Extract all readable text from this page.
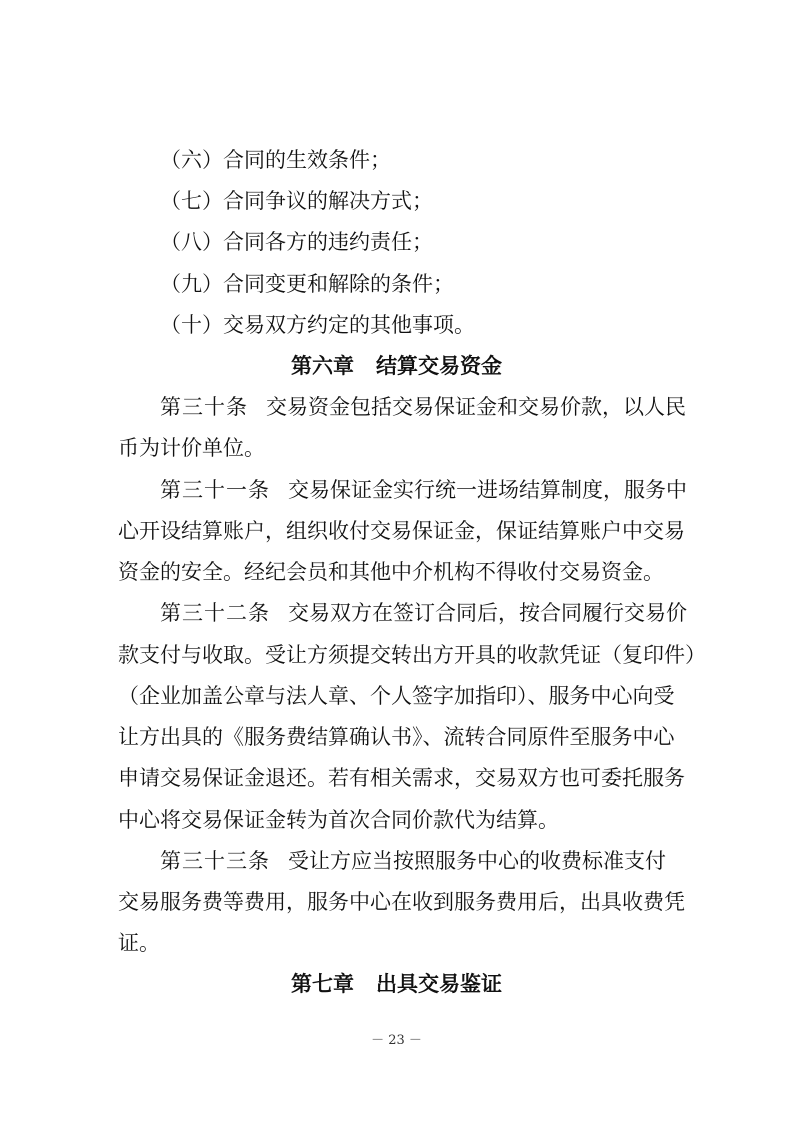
（六）合同的生效条件；
（七）合同争议的解决方式；
（八）合同各方的违约责任；
（九）合同变更和解除的条件；
（十）交易双方约定的其他事项。
第六章 结算交易资金
第三十条 交易资金包括交易保证金和交易价款，以人民
币为计价单位。
第三十一条 交易保证金实行统一进场结算制度，服务中
心开设结算账户，组织收付交易保证金，保证结算账户中交易
资金的安全。经纪会员和其他中介机构不得收付交易资金。
第三十二条 交易双方在签订合同后，按合同履行交易价
款支付与收取。受让方须提交转出方开具的收款凭证（复印件）
（企业加盖公章与法人章、个人签字加指印）、服务中心向受
让方出具的《服务费结算确认书》、流转合同原件至服务中心
申请交易保证金退还。若有相关需求，交易双方也可委托服务
中心将交易保证金转为首次合同价款代为结算。
第三十三条 受让方应当按照服务中心的收费标准支付
交易服务费等费用，服务中心在收到服务费用后，出具收费凭
证。
第七章 出具交易鉴证
－ 23 －
